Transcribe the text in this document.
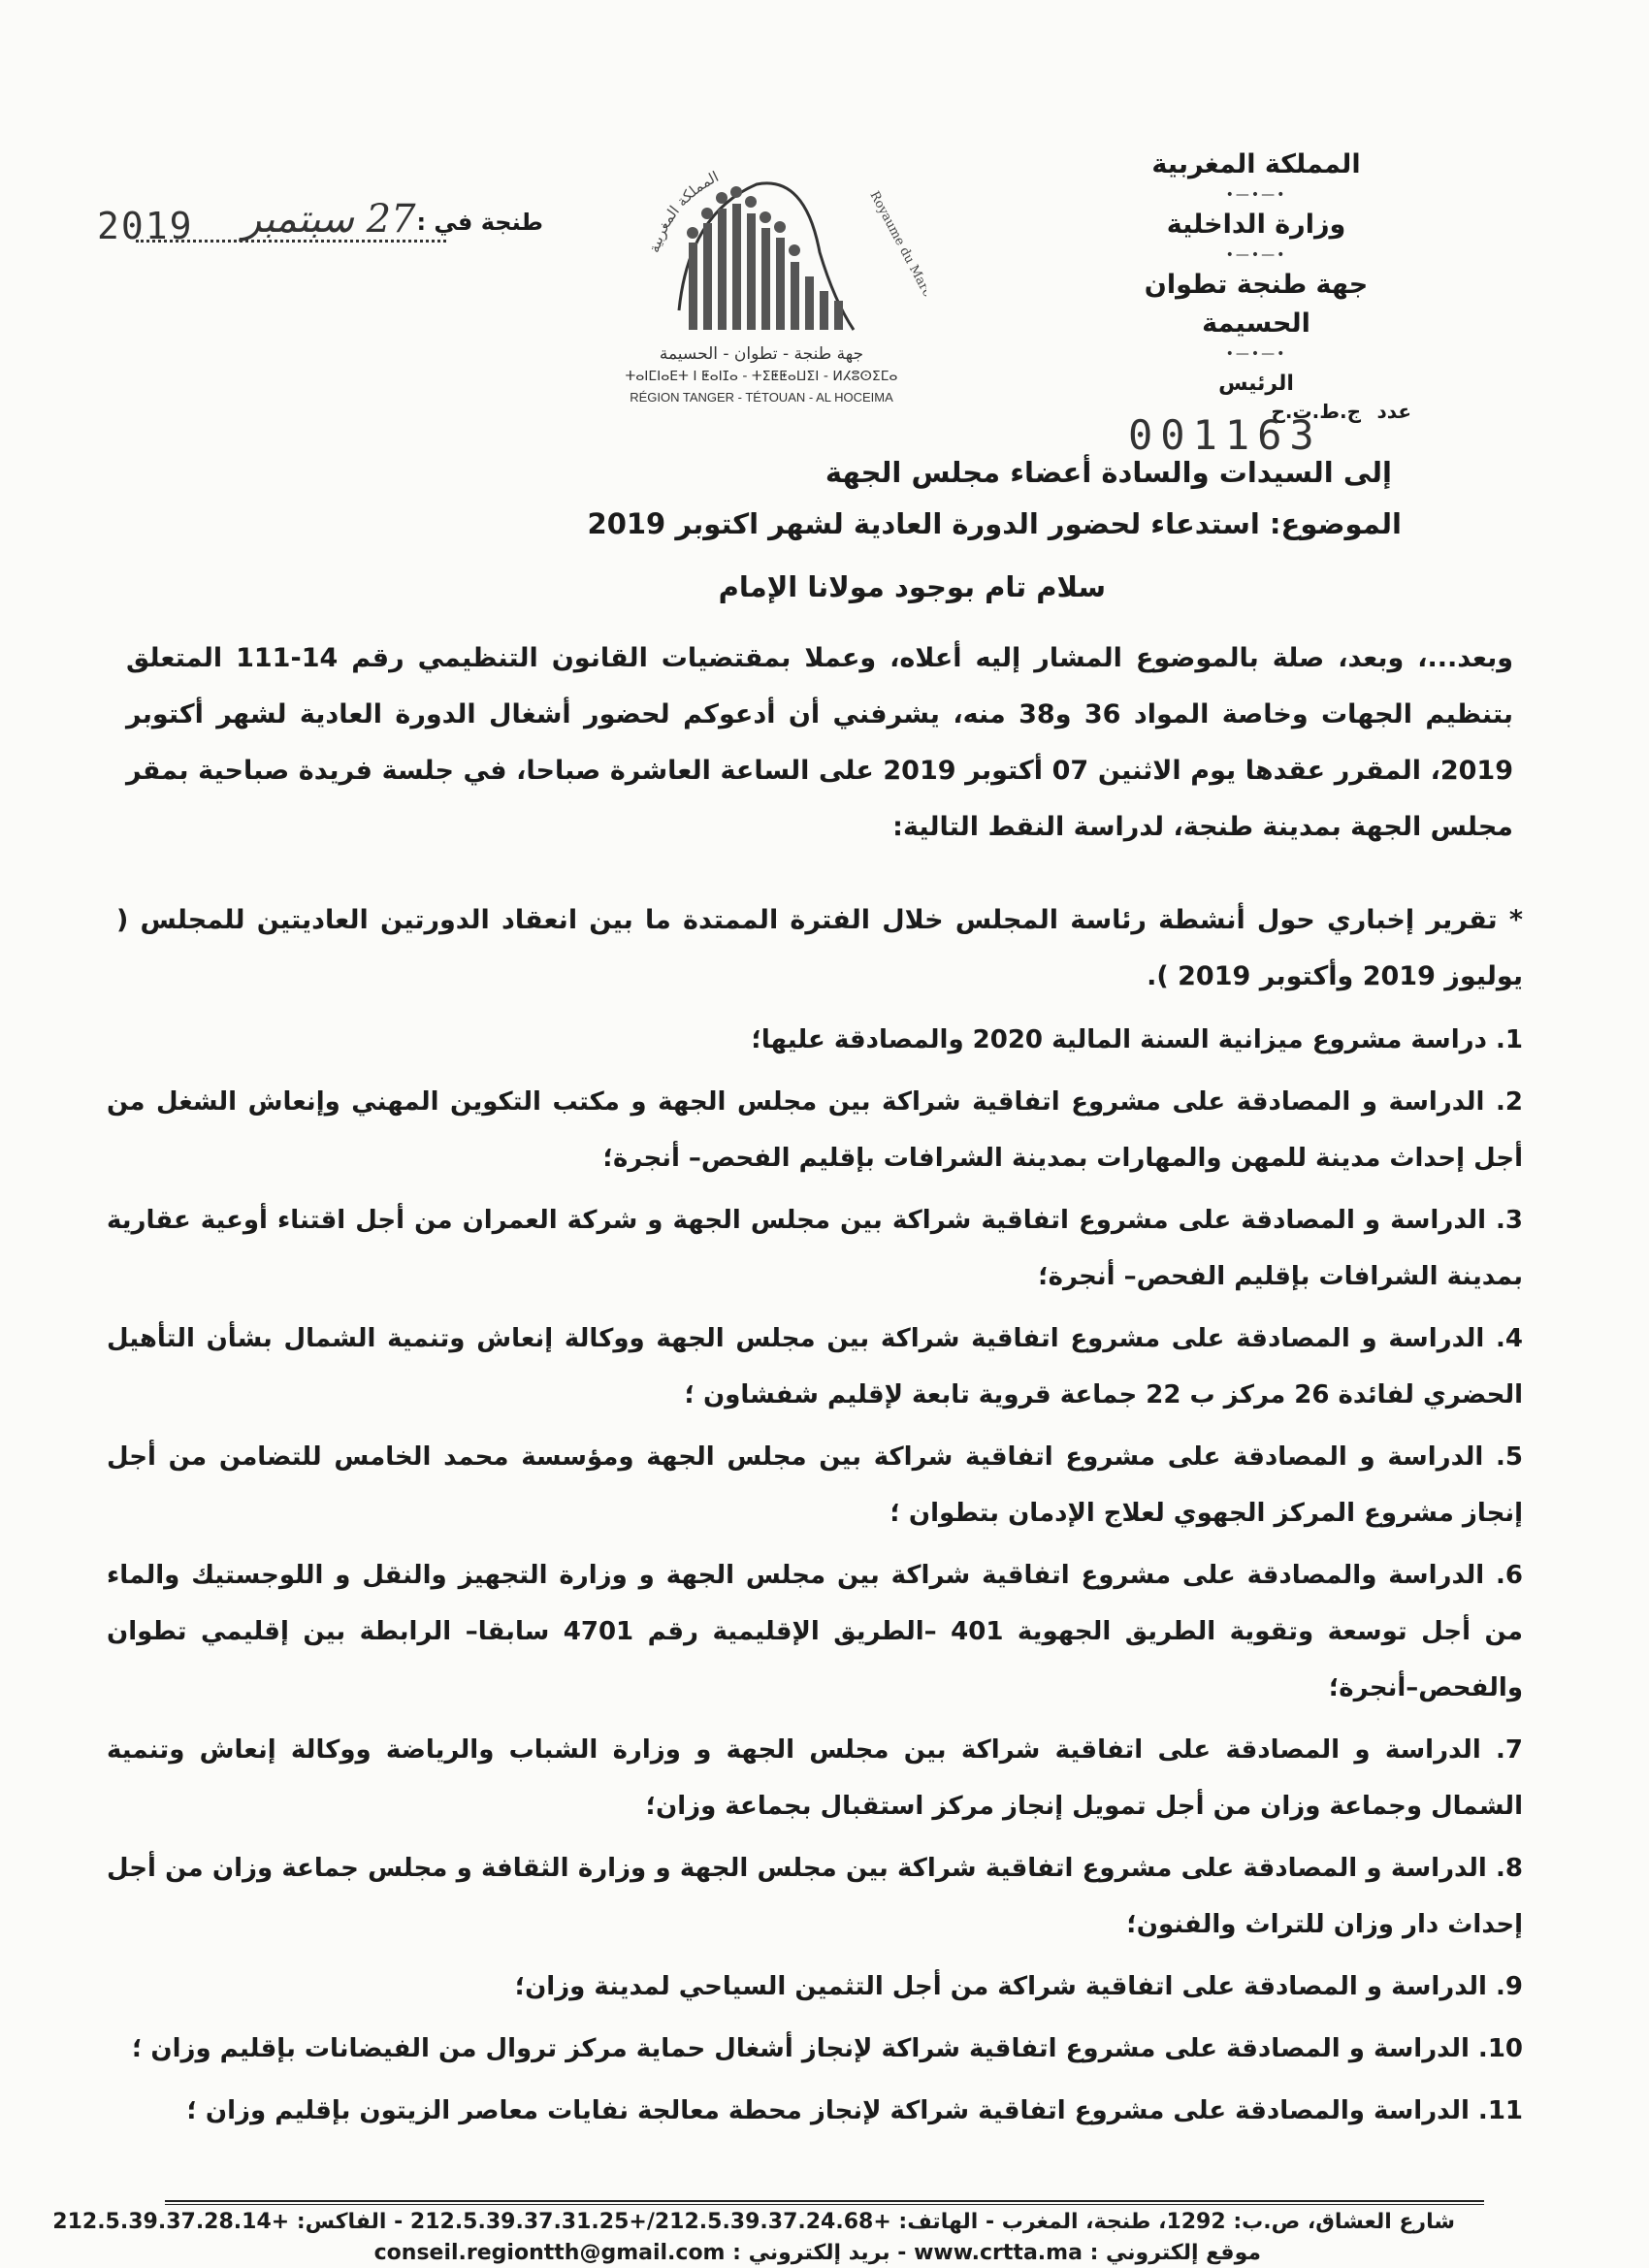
المملكة المغربية

•—•—•

وزارة الداخلية

•—•—•

جهة طنجة تطوان الحسيمة

•—•—•

الرئيس

عدد
ج.ط.ت.ح
001163
المملكة المغربية
Royaume du Maroc
جهة طنجة - تطوان - الحسيمة
ⵜⴰⵏⵎⵏⴰⴹⵜ ⵏ ⵟⴰⵏⵊⴰ - ⵜⵉⵟⵟⴰⵡⵉⵏ - ⵍⵃⵓⵙⵉⵎⴰ
RÉGION TANGER - TÉTOUAN - AL HOCEIMA
طنجة في :
2019 27 سبتمبر
إلى السيدات والسادة أعضاء مجلس الجهة
الموضوع: استدعاء لحضور الدورة العادية لشهر اكتوبر 2019
سلام تام بوجود مولانا الإمام
وبعد...، وبعد، صلة بالموضوع المشار إليه أعلاه، وعملا بمقتضيات القانون التنظيمي رقم 14-111 المتعلق بتنظيم الجهات وخاصة المواد 36 و38 منه، يشرفني أن أدعوكم لحضور أشغال الدورة العادية لشهر أكتوبر 2019، المقرر عقدها يوم الاثنين 07 أكتوبر 2019 على الساعة العاشرة صباحا، في جلسة فريدة صباحية بمقر مجلس الجهة بمدينة طنجة، لدراسة النقط التالية:
* تقرير إخباري حول أنشطة رئاسة المجلس خلال الفترة الممتدة ما بين انعقاد الدورتين العاديتين للمجلس ( يوليوز 2019 وأكتوبر 2019 ).
1. دراسة مشروع ميزانية السنة المالية 2020 والمصادقة عليها؛
2. الدراسة و المصادقة على مشروع اتفاقية شراكة بين مجلس الجهة و مكتب التكوين المهني وإنعاش الشغل من أجل إحداث مدينة للمهن والمهارات بمدينة الشرافات بإقليم الفحص– أنجرة؛
3. الدراسة و المصادقة على مشروع اتفاقية شراكة بين مجلس الجهة و شركة العمران من أجل اقتناء أوعية عقارية بمدينة الشرافات بإقليم الفحص– أنجرة؛
4. الدراسة و المصادقة على مشروع اتفاقية شراكة بين مجلس الجهة ووكالة إنعاش وتنمية الشمال بشأن التأهيل الحضري لفائدة 26 مركز ب 22 جماعة قروية تابعة لإقليم شفشاون ؛
5. الدراسة و المصادقة على مشروع اتفاقية شراكة بين مجلس الجهة ومؤسسة محمد الخامس للتضامن من أجل إنجاز مشروع المركز الجهوي لعلاج الإدمان بتطوان ؛
6. الدراسة والمصادقة على مشروع اتفاقية شراكة بين مجلس الجهة و وزارة التجهيز والنقل و اللوجستيك والماء من أجل توسعة وتقوية الطريق الجهوية 401 –الطريق الإقليمية رقم 4701 سابقا– الرابطة بين إقليمي تطوان والفحص–أنجرة؛
7. الدراسة و المصادقة على اتفاقية شراكة بين مجلس الجهة و وزارة الشباب والرياضة ووكالة إنعاش وتنمية الشمال وجماعة وزان من أجل تمويل إنجاز مركز استقبال بجماعة وزان؛
8. الدراسة و المصادقة على مشروع اتفاقية شراكة بين مجلس الجهة و وزارة الثقافة و مجلس جماعة وزان من أجل إحداث دار وزان للتراث والفنون؛
9. الدراسة و المصادقة على اتفاقية شراكة من أجل التثمين السياحي لمدينة وزان؛
10. الدراسة و المصادقة على مشروع اتفاقية شراكة لإنجاز أشغال حماية مركز تروال من الفيضانات بإقليم وزان ؛
11. الدراسة والمصادقة على مشروع اتفاقية شراكة لإنجاز محطة معالجة نفايات معاصر الزيتون بإقليم وزان ؛
شارع العشاق، ص.ب: 1292، طنجة، المغرب - الهاتف: +212.5.39.37.24.68/+212.5.39.37.31.25 - الفاكس: +212.5.39.37.28.14
موقع إلكتروني : www.crtta.ma - بريد إلكتروني : conseil.regiontth@gmail.com
